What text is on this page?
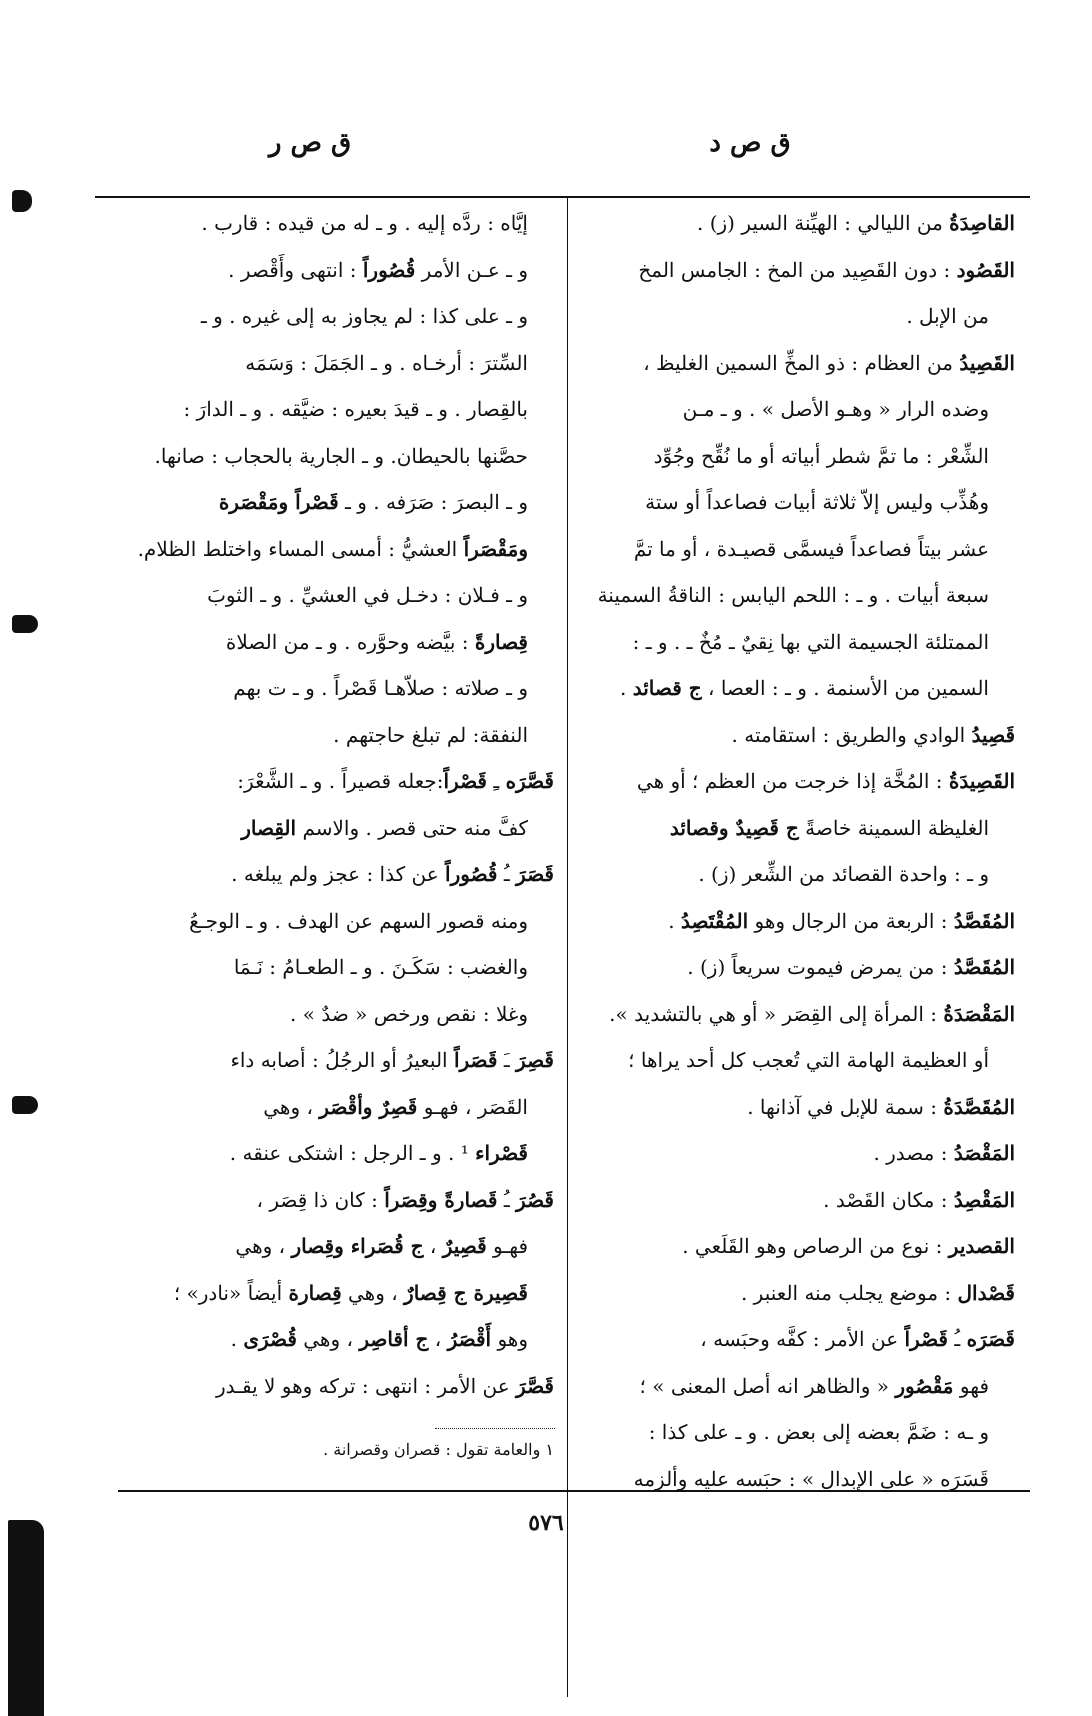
ق ص د
ق ص ر
القاصِدَةُ من الليالي : الهيِّنة السير (ز) .
القَصُود : دون القَصِيد من المخ : الجامس المخ
من الإبل .
القَصِيدُ من العظام : ذو المخِّ السمين الغليظ ،
وضده الرار « وهـو الأصل » . و ـ مـن
الشِّعْر : ما تمَّ شطر أبياته أو ما نُقِّح وجُوِّد
وهُذِّب وليس إلاّ ثلاثة أبيات فصاعداً أو ستة
عشر بيتاً فصاعداً فيسمَّى قصيـدة ، أو ما تمَّ
سبعة أبيات . و ـ : اللحم اليابس : الناقةُ السمينة
الممتلئة الجسيمة التي بها نِقيٌ ـ مُخٌ ـ . و ـ :
السمين من الأسنمة . و ـ : العصا ، ج قصائد .
قَصِيدُ الوادي والطريق : استقامته .
القَصِيدَةُ : المُخَّة إذا خرجت من العظم ؛ أو هي
الغليظة السمينة خاصةً ج قَصِيدٌ وقصائد
و ـ : واحدة القصائد من الشِّعر (ز) .
المُقَصَّدُ : الربعة من الرجال وهو المُقْتَصِدُ .
المُقَصَّدُ : من يمرض فيموت سريعاً (ز) .
المَقْصَدَةُ : المرأة إلى القِصَر « أو هي بالتشديد ».
أو العظيمة الهامة التي تُعجب كل أحد يراها ؛
المُقَصَّدَةُ : سمة للإبل في آذانها .
المَقْصَدُ : مصدر .
المَقْصِدُ : مكان القَصْد .
القصدير : نوع من الرصاص وهو القَلَعي .
قَصْدال : موضع يجلب منه العنبر .
قَصَرَه ـُ قَصْراً عن الأمر : كفَّه وحبَسه ،
فهو مَقْصُور « والظاهر انه أصل المعنى » ؛
و ـه : ضَمَّ بعضه إلى بعض . و ـ على كذا :
قَسَرَه « على الإبدال » : حبَسه عليه وألزمه
إيَّاه : ردَّه إليه . و ـ له من قيده : قارب .
و ـ عـن الأمر قُصُوراً : انتهى وأَقْصر .
و ـ على كذا : لم يجاوز به إلى غيره . و ـ
السِّترَ : أرخـاه . و ـ الجَمَلَ : وَسَمَه
بالقِصار . و ـ قيدَ بعيره : ضيَّقه . و ـ الدارَ :
حصَّنها بالحيطان. و ـ الجارية بالحجاب : صانها.
و ـ البصرَ : صَرَفه . و ـ قَصْراً ومَقْصَرة
ومَقْصَراً العشيُّ : أمسى المساء واختلط الظلام.
و ـ فـلان : دخـل في العشيِّ . و ـ الثوبَ
قِصارةً : بيَّضه وحوَّره . و ـ من الصلاة
و ـ صلاته : صلاّهـا قَصْراً . و ـ ت بهم
النفقة: لم تبلغ حاجتهم .
قَصَّرَه ـِ قَصْراً:جعله قصيراً . و ـ الشَّعْرَ:
كفَّ منه حتى قصر . والاسم القِصار
قَصَرَ ـُ قُصُوراً عن كذا : عجز ولم يبلغه .
ومنه قصور السهم عن الهدف . و ـ الوجـعُ
والغضب : سَكَـنَ . و ـ الطعـامُ : نَـمَا
وغلا : نقص ورخص « ضدٌ » .
قَصِرَ ـَ قَصَراً البعيرُ أو الرجُلُ : أصابه داء
القَصَر ، فهـو قَصِرٌ وأقْصَر ، وهي
قَصْراء ¹ . و ـ الرجل : اشتكى عنقه .
قَصُرَ ـُ قَصارةً وقِصَراً : كان ذا قِصَر ،
فهـو قَصِيرٌ ، ج قُصَراء وقِصار ، وهي
قَصِيرة ج قِصارٌ ، وهي قِصارة أيضاً «نادر» ؛
وهو أَقْصَرُ ، ج أقاصِر ، وهي قُصْرَى .
قَصَّرَ عن الأمر : انتهى : تركه وهو لا يقـدر
١ والعامة تقول : قصران وقصرانة .
٥٧٦
